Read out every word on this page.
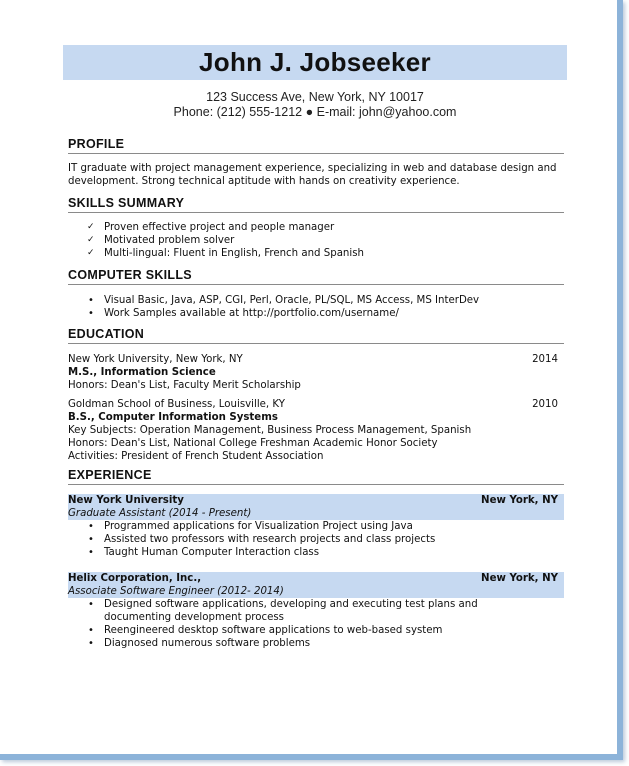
John J. Jobseeker
123 Success Ave, New York, NY 10017
Phone: (212) 555-1212 ● E-mail: john@yahoo.com
PROFILE
IT graduate with project management experience, specializing in web and database design and development. Strong technical aptitude with hands on creativity experience.
SKILLS SUMMARY
✓ Proven effective project and people manager
✓ Motivated problem solver
✓ Multi-lingual: Fluent in English, French and Spanish
COMPUTER SKILLS
• Visual Basic, Java, ASP, CGI, Perl, Oracle, PL/SQL, MS Access, MS InterDev
• Work Samples available at http://portfolio.com/username/
EDUCATION
New York University, New York, NY	2014
M.S., Information Science
Honors: Dean's List, Faculty Merit Scholarship
Goldman School of Business, Louisville, KY	2010
B.S., Computer Information Systems
Key Subjects: Operation Management, Business Process Management, Spanish
Honors: Dean's List, National College Freshman Academic Honor Society
Activities: President of French Student Association
EXPERIENCE
New York University	New York, NY
Graduate Assistant (2014 - Present)
• Programmed applications for Visualization Project using Java
• Assisted two professors with research projects and class projects
• Taught Human Computer Interaction class
Helix Corporation, Inc.,	New York, NY
Associate Software Engineer (2012- 2014)
• Designed software applications, developing and executing test plans and documenting development process
• Reengineered desktop software applications to web-based system
• Diagnosed numerous software problems
